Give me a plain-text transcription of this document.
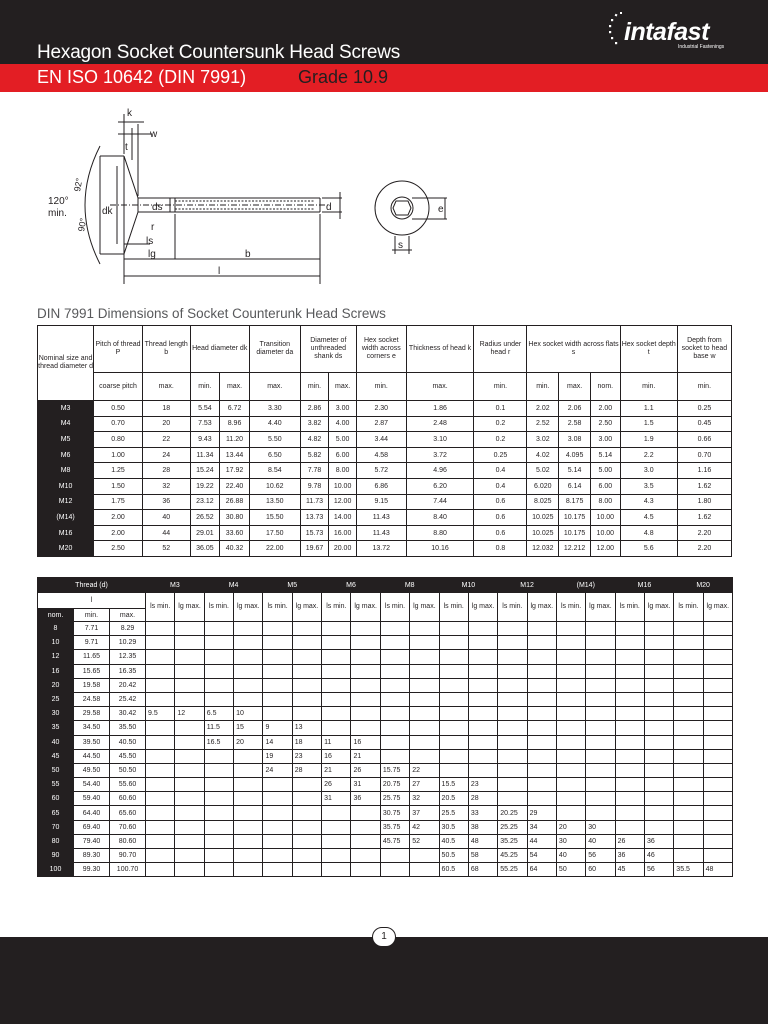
Hexagon Socket Countersunk Head Screws
intafast
Industrial Fastenings
EN ISO 10642 (DIN 7991)	Grade 10.9
k
w
t
120°
min.
92°
90°
dk	ds	d
r
ls
lg	b
l
e
s
DIN 7991 Dimensions of Socket Counterunk Head Screws
Nominal size and thread diameter d	Pitch of thread P	Thread length b	Head diameter dk		Transition diameter da	Diameter of unthreaded shank ds		Hex socket width across corners e	Thickness of head k	Radius under head r	Hex socket width across flats s			Hex socket depth t	Depth from socket to head base w
	coarse pitch	max.	min.	max.	max.	min.	max.	min.	max.	min.	min.	max.	nom.	min.	min.
M3	0.50	18	5.54	6.72	3.30	2.86	3.00	2.30	1.86	0.1	2.02	2.06	2.00	1.1	0.25
M4	0.70	20	7.53	8.96	4.40	3.82	4.00	2.87	2.48	0.2	2.52	2.58	2.50	1.5	0.45
M5	0.80	22	9.43	11.20	5.50	4.82	5.00	3.44	3.10	0.2	3.02	3.08	3.00	1.9	0.66
M6	1.00	24	11.34	13.44	6.50	5.82	6.00	4.58	3.72	0.25	4.02	4.095	5.14	2.2	0.70
M8	1.25	28	15.24	17.92	8.54	7.78	8.00	5.72	4.96	0.4	5.02	5.14	5.00	3.0	1.16
M10	1.50	32	19.22	22.40	10.62	9.78	10.00	6.86	6.20	0.4	6.020	6.14	6.00	3.5	1.62
M12	1.75	36	23.12	26.88	13.50	11.73	12.00	9.15	7.44	0.6	8.025	8.175	8.00	4.3	1.80
(M14)	2.00	40	26.52	30.80	15.50	13.73	14.00	11.43	8.40	0.6	10.025	10.175	10.00	4.5	1.62
M16	2.00	44	29.01	33.60	17.50	15.73	16.00	11.43	8.80	0.6	10.025	10.175	10.00	4.8	2.20
M20	2.50	52	36.05	40.32	22.00	19.67	20.00	13.72	10.16	0.8	12.032	12.212	12.00	5.6	2.20
Thread (d)			M3		M4		M5		M6		M8		M10		M12		(M14)		M16		M20	
l			ls min.	lg max.	ls min.	lg max.	ls min.	lg max.	ls min.	lg max.	ls min.	lg max.	ls min.	lg max.	ls min.	lg max.	ls min.	lg max.	ls min.	lg max.	ls min.	lg max.
nom.	min.	max.																				
8	7.71	8.29																				
10	9.71	10.29																				
12	11.65	12.35																				
16	15.65	16.35																				
20	19.58	20.42																				
25	24.58	25.42																				
30	29.58	30.42	9.5	12	6.5	10																
35	34.50	35.50			11.5	15	9	13														
40	39.50	40.50			16.5	20	14	18	11	16												
45	44.50	45.50					19	23	16	21												
50	49.50	50.50					24	28	21	26	15.75	22										
55	54.40	55.60							26	31	20.75	27	15.5	23								
60	59.40	60.60							31	36	25.75	32	20.5	28								
65	64.40	65.60									30.75	37	25.5	33	20.25	29						
70	69.40	70.60									35.75	42	30.5	38	25.25	34	20	30				
80	79.40	80.60									45.75	52	40.5	48	35.25	44	30	40	26	36		
90	89.30	90.70											50.5	58	45.25	54	40	56	36	46		
100	99.30	100.70											60.5	68	55.25	64	50	60	45	56	35.5	48
1
